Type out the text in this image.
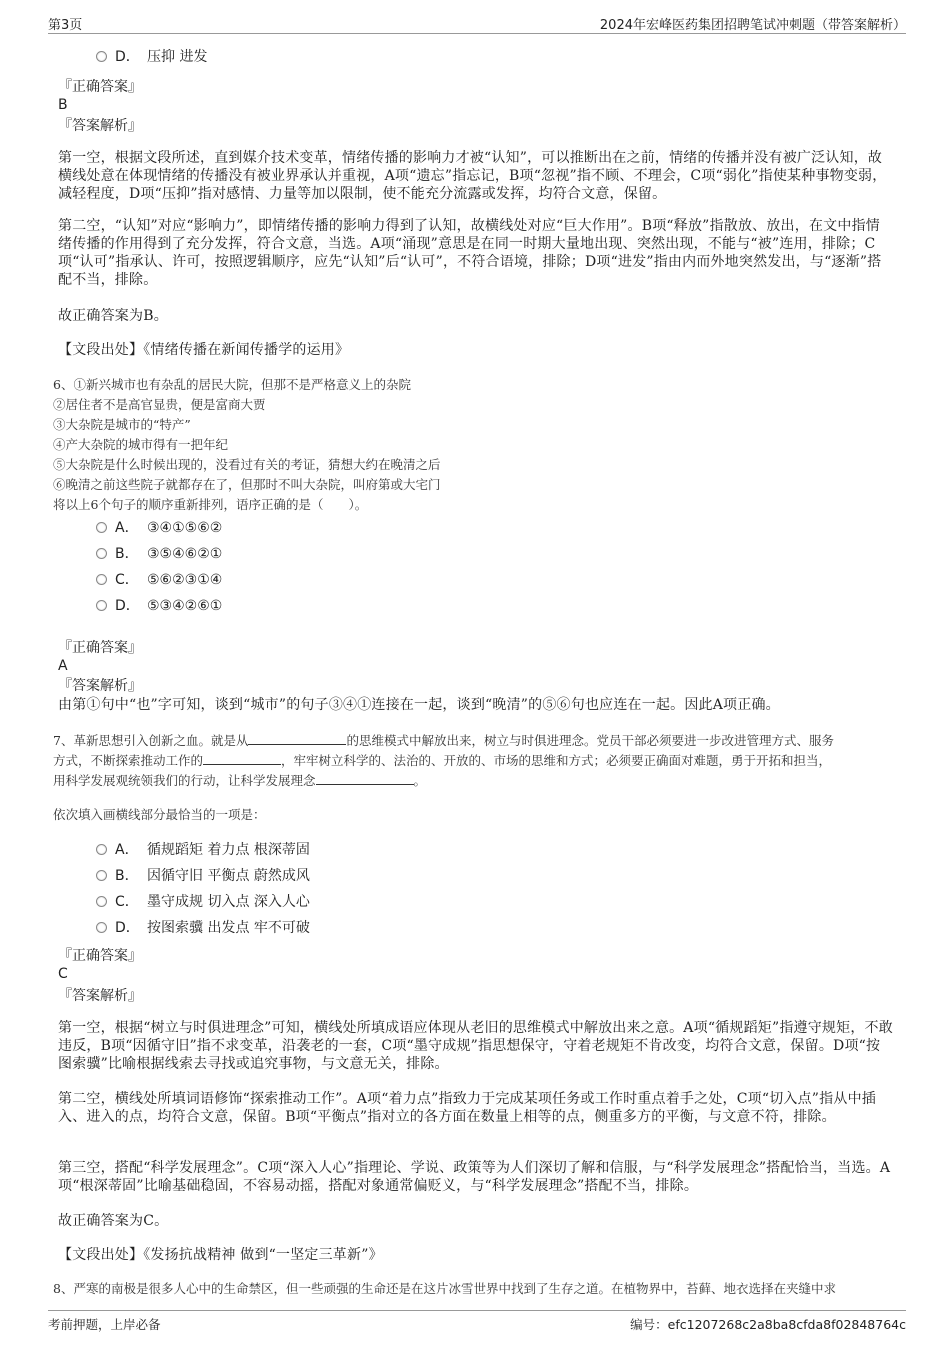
第3页	2024年宏峰医药集团招聘笔试冲刺题（带答案解析）
D． 压抑 进发
『正确答案』
B
『答案解析』
第一空，根据文段所述，直到媒介技术变革，情绪传播的影响力才被“认知”，可以推断出在之前，情绪的传播并没有被广泛认知，故横线处意在体现情绪的传播没有被业界承认并重视，A项“遗忘”指忘记，B项“忽视”指不顾、不理会，C项“弱化”指使某种事物变弱，减轻程度，D项“压抑”指对感情、力量等加以限制，使不能充分流露或发挥，均符合文意，保留。
第二空，“认知”对应“影响力”，即情绪传播的影响力得到了认知，故横线处对应“巨大作用”。B项“释放”指散放、放出，在文中指情绪传播的作用得到了充分发挥，符合文意，当选。A项“涌现”意思是在同一时期大量地出现、突然出现，不能与“被”连用，排除；C项“认可”指承认、许可，按照逻辑顺序，应先“认知”后“认可”，不符合语境，排除；D项“进发”指由内而外地突然发出，与“逐渐”搭配不当，排除。
故正确答案为B。
【文段出处】《情绪传播在新闻传播学的运用》
6、①新兴城市也有杂乱的居民大院，但那不是严格意义上的杂院
②居住者不是高官显贵，便是富商大贾
③大杂院是城市的“特产”
④产大杂院的城市得有一把年纪
⑤大杂院是什么时候出现的，没看过有关的考证，猜想大约在晚清之后
⑥晚清之前这些院子就都存在了，但那时不叫大杂院，叫府第或大宅门
将以上6个句子的顺序重新排列，语序正确的是（　　）。
A． ③④①⑤⑥②
B． ③⑤④⑥②①
C． ⑤⑥②③①④
D． ⑤③④②⑥①
『正确答案』
A
『答案解析』
由第①句中“也”字可知，谈到“城市”的句子③④①连接在一起，谈到“晚清”的⑤⑥句也应连在一起。因此A项正确。
7、革新思想引入创新之血。就是从	的思维模式中解放出来，树立与时俱进理念。党员干部必须要进一步改进管理方式、服务
方式，不断探索推动工作的	，牢牢树立科学的、法治的、开放的、市场的思维和方式；必须要正确面对难题，勇于开拓和担当，
用科学发展观统领我们的行动，让科学发展理念	。
依次填入画横线部分最恰当的一项是：
A． 循规蹈矩 着力点 根深蒂固
B． 因循守旧 平衡点 蔚然成风
C． 墨守成规 切入点 深入人心
D． 按图索骥 出发点 牢不可破
『正确答案』
C
『答案解析』
第一空，根据“树立与时俱进理念”可知，横线处所填成语应体现从老旧的思维模式中解放出来之意。A项“循规蹈矩”指遵守规矩，不敢违反，B项“因循守旧”指不求变革，沿袭老的一套，C项“墨守成规”指思想保守，守着老规矩不肯改变，均符合文意，保留。D项“按图索骥”比喻根据线索去寻找或追究事物，与文意无关，排除。
第二空，横线处所填词语修饰“探索推动工作”。A项“着力点”指致力于完成某项任务或工作时重点着手之处，C项“切入点”指从中插入、进入的点，均符合文意，保留。B项“平衡点”指对立的各方面在数量上相等的点，侧重多方的平衡，与文意不符，排除。
第三空，搭配“科学发展理念”。C项“深入人心”指理论、学说、政策等为人们深切了解和信服，与“科学发展理念”搭配恰当，当选。A项“根深蒂固”比喻基础稳固，不容易动摇，搭配对象通常偏贬义，与“科学发展理念”搭配不当，排除。
故正确答案为C。
【文段出处】《发扬抗战精神 做到“一坚定三革新”》
8、严寒的南极是很多人心中的生命禁区，但一些顽强的生命还是在这片冰雪世界中找到了生存之道。在植物界中，苔藓、地衣选择在夹缝中求
考前押题，上岸必备	编号：efc1207268c2a8ba8cfda8f02848764c
